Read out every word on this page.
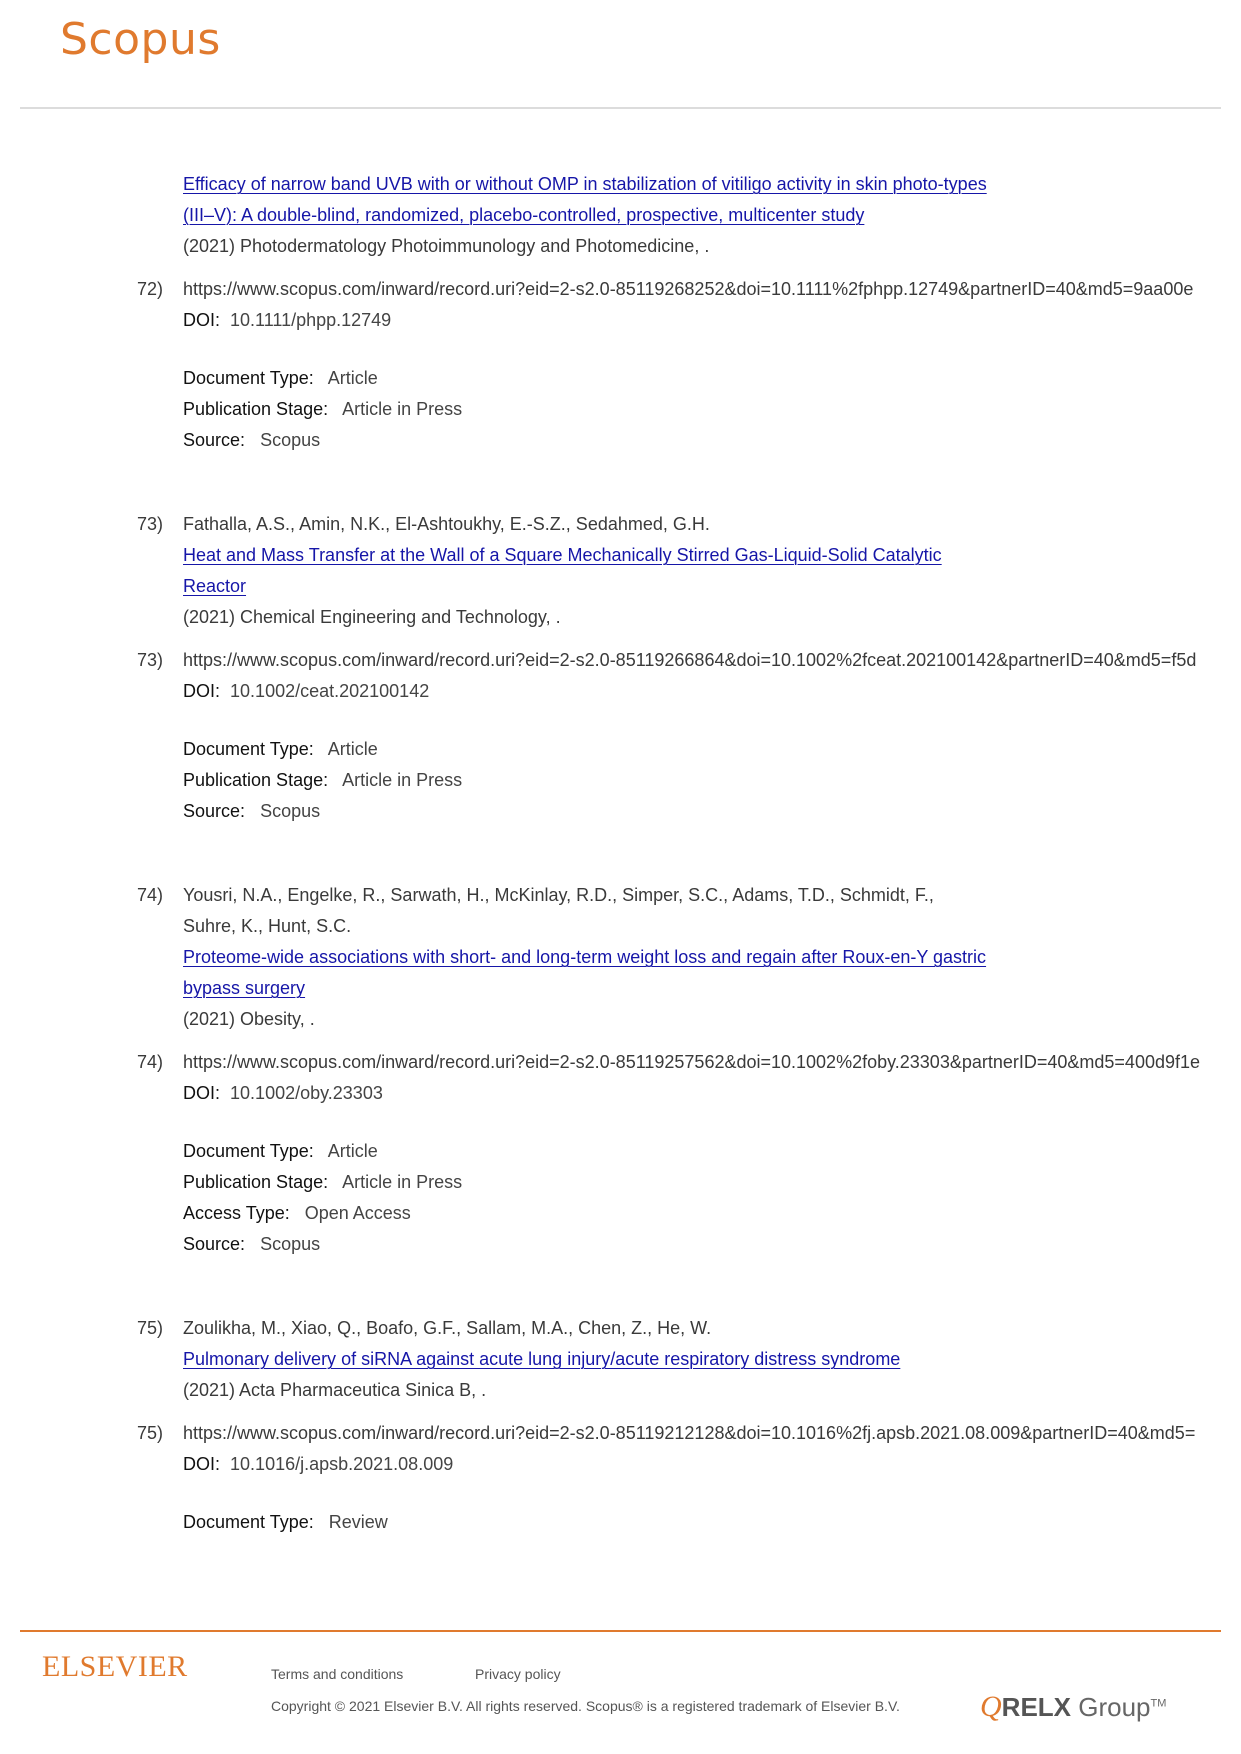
Scopus
Efficacy of narrow band UVB with or without OMP in stabilization of vitiligo activity in skin photo-types
(III–V): A double-blind, randomized, placebo-controlled, prospective, multicenter study
(2021) Photodermatology Photoimmunology and Photomedicine, .
72) https://www.scopus.com/inward/record.uri?eid=2-s2.0-85119268252&doi=10.1111%2fphpp.12749&partnerID=40&md5=9aa00e
DOI: 10.1111/phpp.12749
Document Type: Article
Publication Stage: Article in Press
Source: Scopus
73) Fathalla, A.S., Amin, N.K., El-Ashtoukhy, E.-S.Z., Sedahmed, G.H.
Heat and Mass Transfer at the Wall of a Square Mechanically Stirred Gas-Liquid-Solid Catalytic
Reactor
(2021) Chemical Engineering and Technology, .
73) https://www.scopus.com/inward/record.uri?eid=2-s2.0-85119266864&doi=10.1002%2fceat.202100142&partnerID=40&md5=f5d
DOI: 10.1002/ceat.202100142
Document Type: Article
Publication Stage: Article in Press
Source: Scopus
74) Yousri, N.A., Engelke, R., Sarwath, H., McKinlay, R.D., Simper, S.C., Adams, T.D., Schmidt, F.,
Suhre, K., Hunt, S.C.
Proteome-wide associations with short- and long-term weight loss and regain after Roux-en-Y gastric
bypass surgery
(2021) Obesity, .
74) https://www.scopus.com/inward/record.uri?eid=2-s2.0-85119257562&doi=10.1002%2foby.23303&partnerID=40&md5=400d9f1e
DOI: 10.1002/oby.23303
Document Type: Article
Publication Stage: Article in Press
Access Type: Open Access
Source: Scopus
75) Zoulikha, M., Xiao, Q., Boafo, G.F., Sallam, M.A., Chen, Z., He, W.
Pulmonary delivery of siRNA against acute lung injury/acute respiratory distress syndrome
(2021) Acta Pharmaceutica Sinica B, .
75) https://www.scopus.com/inward/record.uri?eid=2-s2.0-85119212128&doi=10.1016%2fj.apsb.2021.08.009&partnerID=40&md5=
DOI: 10.1016/j.apsb.2021.08.009
Document Type: Review
ELSEVIER	Terms and conditions	Privacy policy
Copyright © 2021 Elsevier B.V. All rights reserved. Scopus® is a registered trademark of Elsevier B.V.	QRELX Group™
